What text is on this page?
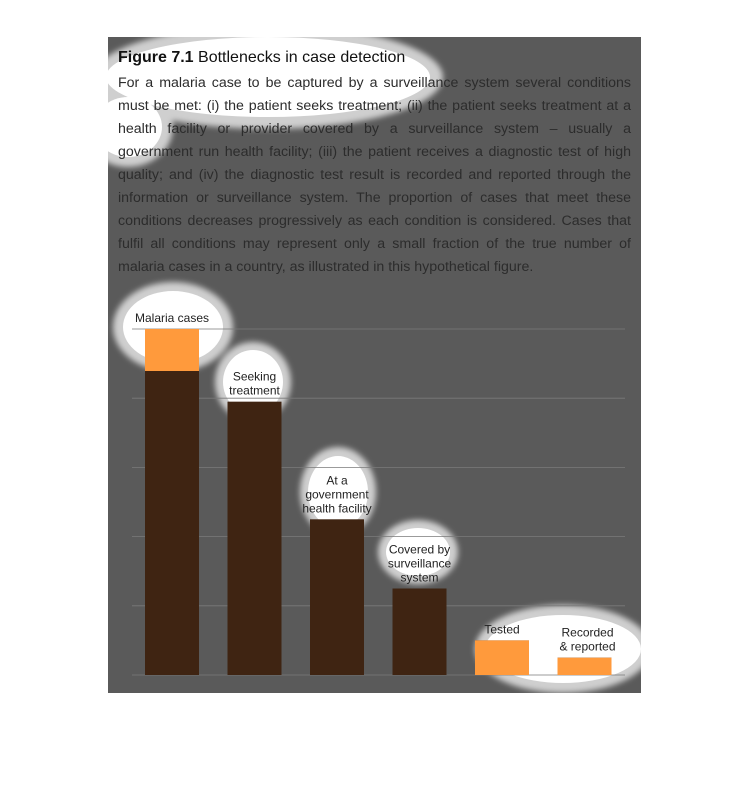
Figure 7.1 Bottlenecks in case detection
For a malaria case to be captured by a surveillance system several conditions must be met: (i) the patient seeks treatment; (ii) the patient seeks treatment at a health facility or provider covered by a surveillance system – usually a government run health facility; (iii) the patient receives a diagnostic test of high quality; and (iv) the diagnostic test result is recorded and reported through the information or surveillance system. The proportion of cases that meet these conditions decreases progressively as each condition is considered. Cases that fulfil all conditions may represent only a small fraction of the true number of malaria cases in a country, as illustrated in this hypothetical figure.
Malaria cases
Seeking
treatment
At a
government
health facility
Covered by
surveillance
system
Tested	Recorded
& reported
